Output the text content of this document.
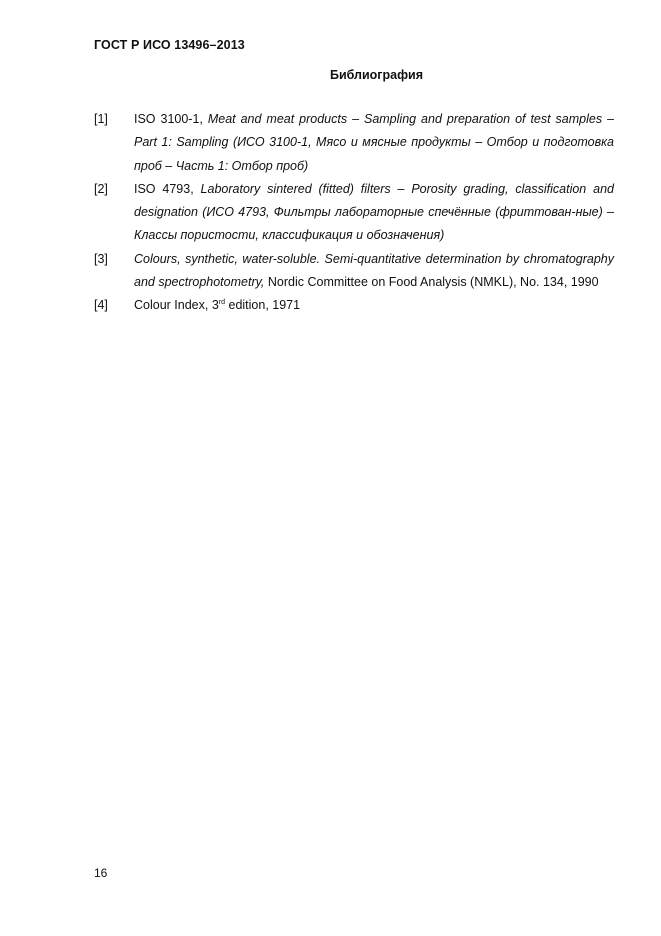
ГОСТ Р ИСО 13496–2013
Библиография
[1]	ISO 3100-1, Meat and meat products – Sampling and preparation of test samples – Part 1: Sampling (ИСО 3100-1, Мясо и мясные продукты – Отбор и подготовка проб – Часть 1: Отбор проб)
[2]	ISO 4793, Laboratory sintered (fitted) filters – Porosity grading, classification and designation (ИСО 4793, Фильтры лабораторные спечённые (фриттован-ные) – Классы пористости, классификация и обозначения)
[3]	Colours, synthetic, water-soluble. Semi-quantitative determination by chromatography and spectrophotometry, Nordic Committee on Food Analysis (NMKL), No. 134, 1990
[4]	Colour Index, 3rd edition, 1971
16
